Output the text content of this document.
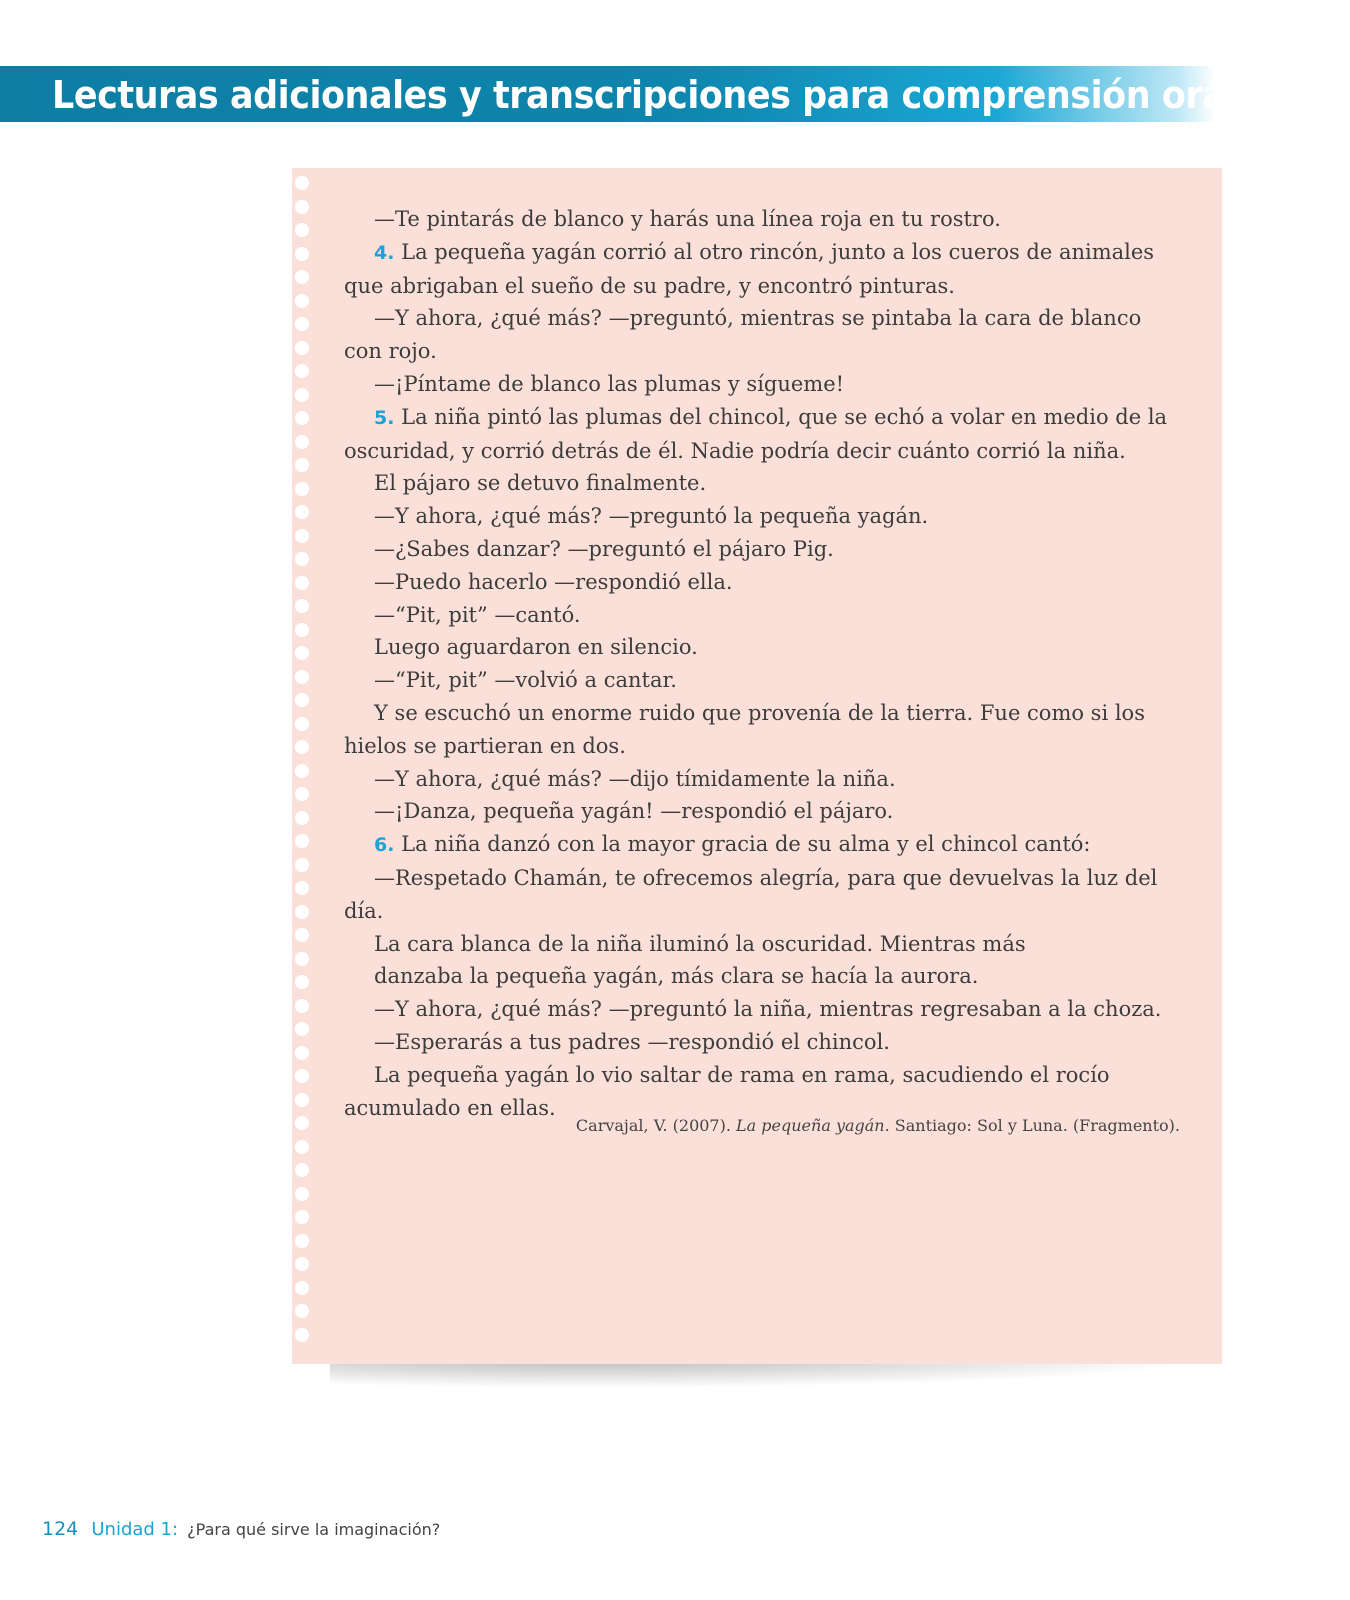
Lecturas adicionales y transcripciones para comprensión oral

—Te pintarás de blanco y harás una línea roja en tu rostro.

4. La pequeña yagán corrió al otro rincón, junto a los cueros de animales que abrigaban el sueño de su padre, y encontró pinturas.

—Y ahora, ¿qué más? —preguntó, mientras se pintaba la cara de blanco con rojo.

—¡Píntame de blanco las plumas y sígueme!

5. La niña pintó las plumas del chincol, que se echó a volar en medio de la oscuridad, y corrió detrás de él. Nadie podría decir cuánto corrió la niña.

El pájaro se detuvo finalmente.

—Y ahora, ¿qué más? —preguntó la pequeña yagán.

—¿Sabes danzar? —preguntó el pájaro Pig.

—Puedo hacerlo —respondió ella.

—“Pit, pit” —cantó.

Luego aguardaron en silencio.

—“Pit, pit” —volvió a cantar.

Y se escuchó un enorme ruido que provenía de la tierra. Fue como si los hielos se partieran en dos.

—Y ahora, ¿qué más? —dijo tímidamente la niña.

—¡Danza, pequeña yagán! —respondió el pájaro.

6. La niña danzó con la mayor gracia de su alma y el chincol cantó:

—Respetado Chamán, te ofrecemos alegría, para que devuelvas la luz del día.

La cara blanca de la niña iluminó la oscuridad. Mientras más

danzaba la pequeña yagán, más clara se hacía la aurora.

—Y ahora, ¿qué más? —preguntó la niña, mientras regresaban a la choza.

—Esperarás a tus padres —respondió el chincol.

La pequeña yagán lo vio saltar de rama en rama, sacudiendo el rocío acumulado en ellas.

Carvajal, V. (2007). La pequeña yagán. Santiago: Sol y Luna. (Fragmento).
124 Unidad 1: ¿Para qué sirve la imaginación?
